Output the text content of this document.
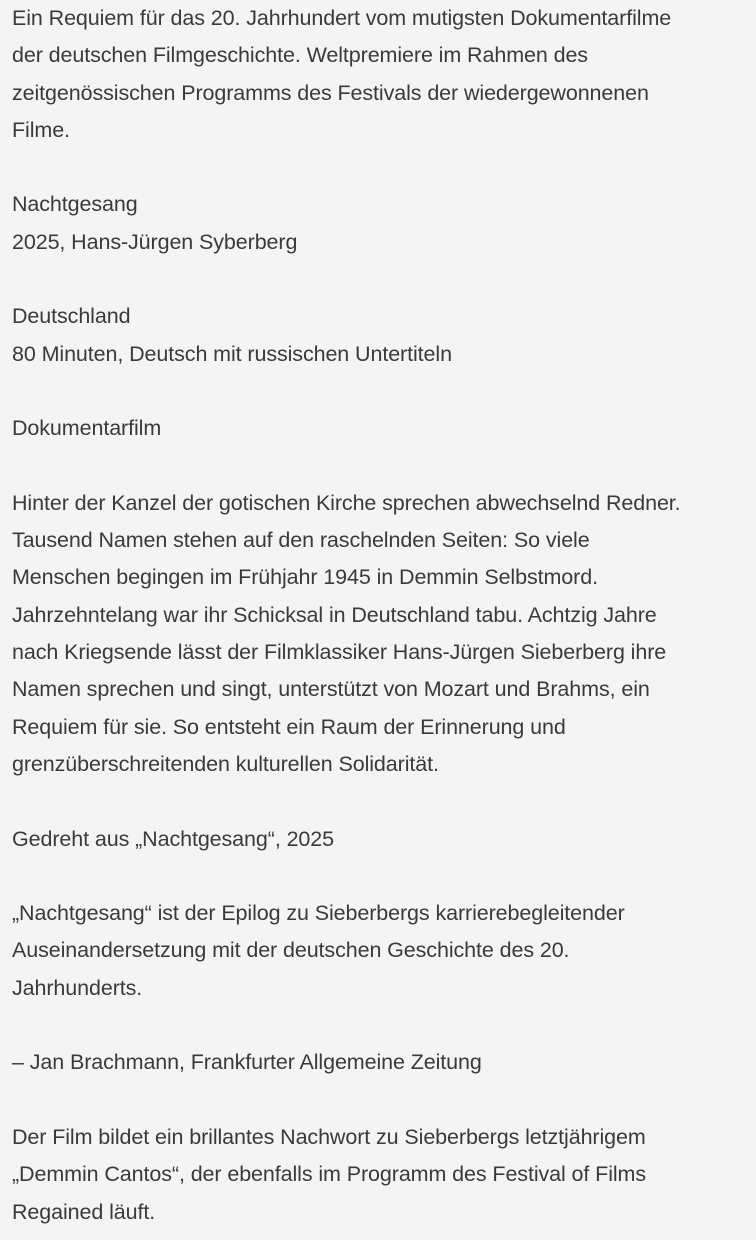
Ein Requiem für das 20. Jahrhundert vom mutigsten Dokumentarfilme
der deutschen Filmgeschichte. Weltpremiere im Rahmen des
zeitgenössischen Programms des Festivals der wiedergewonnenen
Filme.
Nachtgesang
2025, Hans-Jürgen Syberberg
Deutschland
80 Minuten, Deutsch mit russischen Untertiteln
Dokumentarfilm
Hinter der Kanzel der gotischen Kirche sprechen abwechselnd Redner.
Tausend Namen stehen auf den raschelnden Seiten: So viele
Menschen begingen im Frühjahr 1945 in Demmin Selbstmord.
Jahrzehntelang war ihr Schicksal in Deutschland tabu. Achtzig Jahre
nach Kriegsende lässt der Filmklassiker Hans-Jürgen Sieberberg ihre
Namen sprechen und singt, unterstützt von Mozart und Brahms, ein
Requiem für sie. So entsteht ein Raum der Erinnerung und
grenzüberschreitenden kulturellen Solidarität.
Gedreht aus „Nachtgesang“, 2025
„Nachtgesang“ ist der Epilog zu Sieberbergs karrierebegleitender
Auseinandersetzung mit der deutschen Geschichte des 20.
Jahrhunderts.
– Jan Brachmann, Frankfurter Allgemeine Zeitung
Der Film bildet ein brillantes Nachwort zu Sieberbergs letztjährigem
„Demmin Cantos“, der ebenfalls im Programm des Festival of Films
Regained läuft.
